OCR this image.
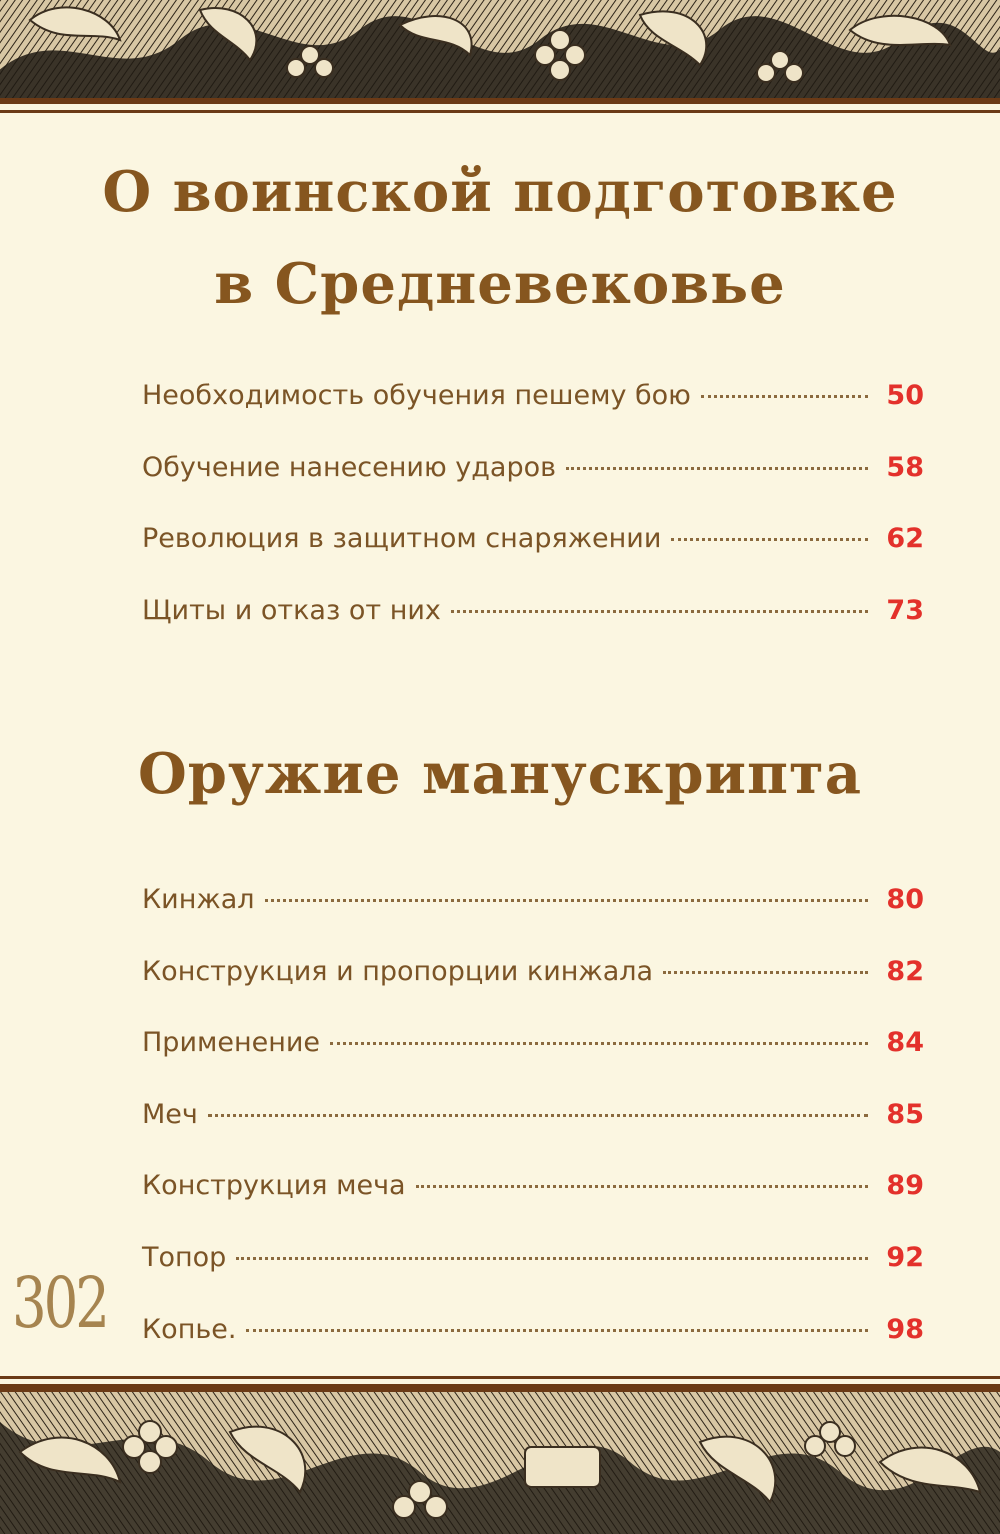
О воинской подготовке
в Средневековье
Необходимость обучения пешему бою	50
Обучение нанесению ударов	58
Революция в защитном снаряжении	62
Щиты и отказ от них	73
Оружие манускрипта
Кинжал	80
Конструкция и пропорции кинжала	82
Применение	84
Меч	85
Конструкция меча	89
Топор	92
Копье.	98
302
